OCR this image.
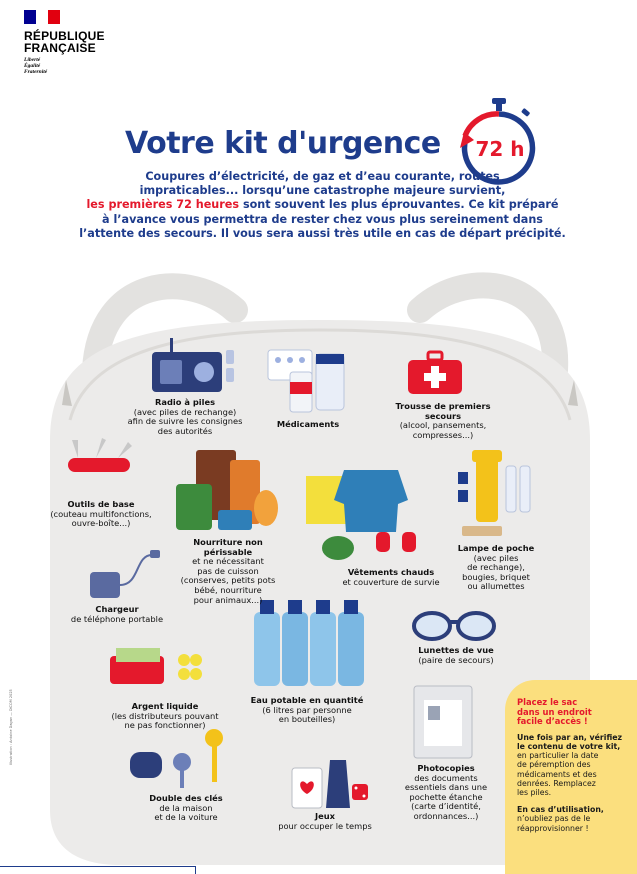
RÉPUBLIQUE
FRANÇAISE
Liberté
Égalité
Fraternité
Votre kit d'urgence 72 h
Coupures d’électricité, de gaz et d’eau courante, routes
impraticables... lorsqu’une catastrophe majeure survient,
les premières 72 heures sont souvent les plus éprouvantes. Ce kit préparé
à l’avance vous permettra de rester chez vous plus sereinement dans
l’attente des secours. Il vous sera aussi très utile en cas de départ précipité.
Radio à piles
(avec piles de rechange)
afin de suivre les consignes
des autorités
Médicaments
Trousse de premiers secours
(alcool, pansements,
compresses...)
Outils de base
(couteau multifonctions,
ouvre-boîte...)
Nourriture non périssable
et ne nécessitant
pas de cuisson
(conserves, petits pots
bébé, nourriture
pour animaux...)
Vêtements chauds
et couverture de survie
Lampe de poche
(avec piles
de rechange),
bougies, briquet
ou allumettes
Chargeur
de téléphone portable
Lunettes de vue
(paire de secours)
Argent liquide
(les distributeurs pouvant
ne pas fonctionner)
Eau potable en quantité
(6 litres par personne
en bouteilles)
Photocopies
des documents
essentiels dans une
pochette étanche
(carte d’identité,
ordonnances...)
Double des clés
de la maison
et de la voiture	Jeux
pour occuper le temps
Placez le sac
dans un endroit
facile d’accès !

Une fois par an, vérifiez
le contenu de votre kit,
en particulier la date
de péremption des
médicaments et des
denrées. Remplacez
les piles.

En cas d’utilisation,
n’oubliez pas de le
réapprovisionner !

Illustration : Antoine Dagan — DICOM 2025
